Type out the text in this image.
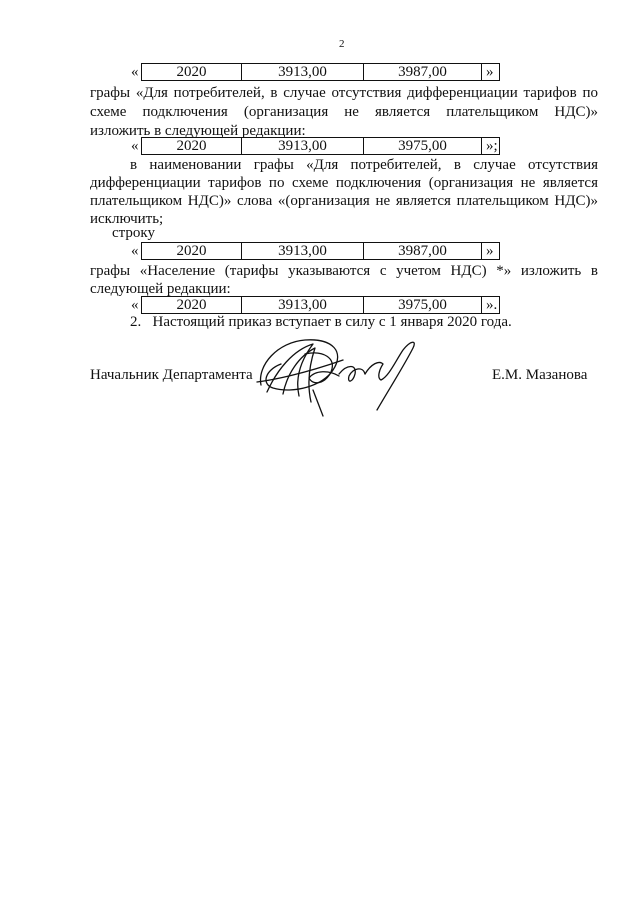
2
«	2020	3913,00	3987,00	»
графы «Для потребителей, в случае отсутствия дифференциации тарифов по
схеме подключения (организация не является плательщиком НДС)»
изложить в следующей редакции:
«	2020	3913,00	3975,00	»;
в наименовании графы «Для потребителей, в случае отсутствия
дифференциации тарифов по схеме подключения (организация не является
плательщиком НДС)» слова «(организация не является плательщиком НДС)»
исключить;
строку
«	2020	3913,00	3987,00	»
графы «Население (тарифы указываются с учетом НДС) *» изложить в
следующей редакции:
«	2020	3913,00	3975,00	».
2.   Настоящий приказ вступает в силу с 1 января 2020 года.
Начальник Департамента	Е.М. Мазанова
